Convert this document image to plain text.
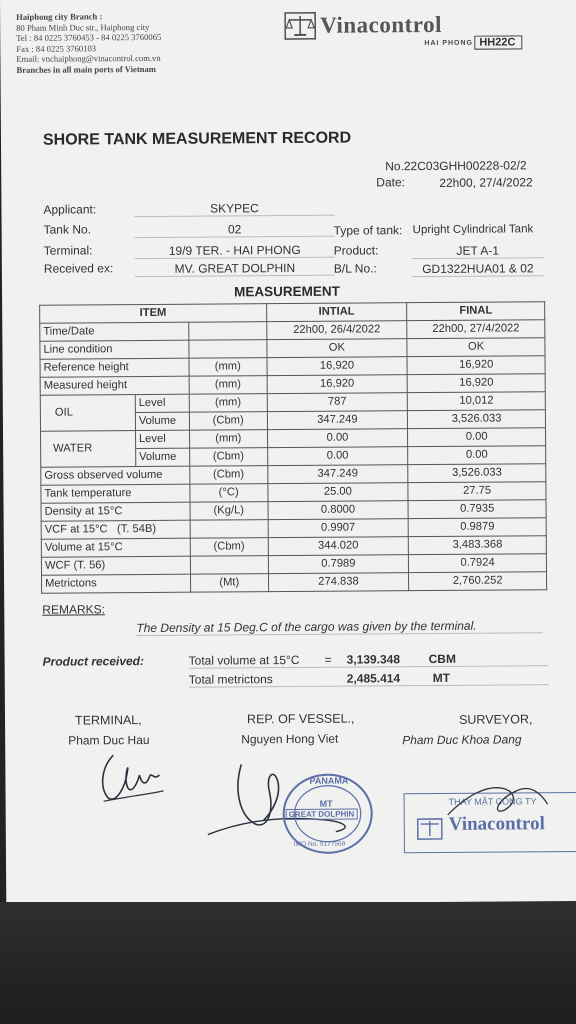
Haiphong city Branch :
80 Pham Minh Duc str., Haiphong city
Tel : 84 0225 3760453 - 84 0225 3760065
Fax : 84 0225 3760103
Email: vnchaiphong@vinacontrol.com.vn
Branches in all main ports of Vietnam
Vinacontrol
HAI PHONG HH22C
SHORE TANK MEASUREMENT RECORD
No.22C03GHH00228-02/2
Date:	22h00, 27/4/2022
Applicant:	SKYPEC
Tank No.	02
Terminal:	19/9 TER. - HAI PHONG
Received ex:	MV. GREAT DOLPHIN
Type of tank: Upright Cylindrical Tank
Product:	JET A-1
B/L No.:	GD1322HUA01 & 02
MEASUREMENT
ITEM			INTIAL	FINAL
Time/Date			22h00, 26/4/2022	22h00, 27/4/2022
Line condition			OK	OK
Reference height		(mm)	16,920	16,920
Measured height		(mm)	16,920	16,920
OIL	Level	(mm)	787	10,012
	Volume	(Cbm)	347.249	3,526.033
WATER	Level	(mm)	0.00	0.00
	Volume	(Cbm)	0.00	0.00
Gross observed volume		(Cbm)	347.249	3,526.033
Tank temperature		(°C)	25.00	27.75
Density at 15°C		(Kg/L)	0.8000	0.7935
VCF at 15°C (T. 54B)			0.9907	0.9879
Volume at 15°C		(Cbm)	344.020	3,483.368
WCF (T. 56)			0.7989	0.7924
Metrictons		(Mt)	274.838	2,760.252
REMARKS:
The Density at 15 Deg.C of the cargo was given by the terminal.
Product received:	Total volume at 15°C = 3,139.348 CBM
Total metrictons	2,485.414	MT
TERMINAL,
Pham Duc Hau
REP. OF VESSEL.,
Nguyen Hong Viet
SURVEYOR,
Pham Duc Khoa Dang
PANAMA
MT
GREAT DOLPHIN
IMO No. 9177569
THAY MẶT CÔNG TY
Vinacontrol
